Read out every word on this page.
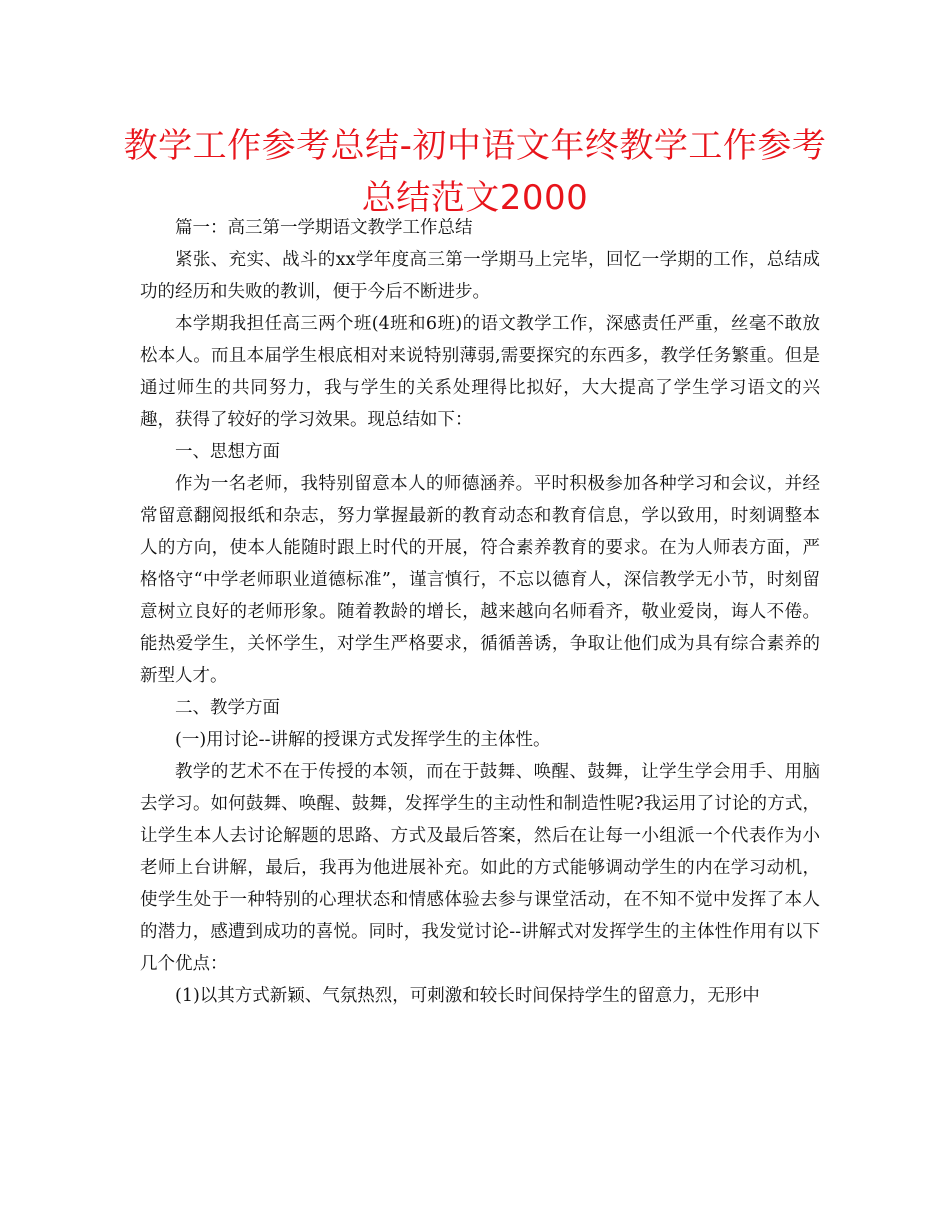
教学工作参考总结-初中语文年终教学工作参考总结范文2000

篇一：高三第一学期语文教学工作总结

紧张、充实、战斗的xx学年度高三第一学期马上完毕，回忆一学期的工作，总结成功的经历和失败的教训，便于今后不断进步。

本学期我担任高三两个班(4班和6班)的语文教学工作，深感责任严重，丝毫不敢放松本人。而且本届学生根底相对来说特别薄弱,需要探究的东西多，教学任务繁重。但是通过师生的共同努力，我与学生的关系处理得比拟好，大大提高了学生学习语文的兴趣，获得了较好的学习效果。现总结如下：

一、思想方面

作为一名老师，我特别留意本人的师德涵养。平时积极参加各种学习和会议，并经常留意翻阅报纸和杂志，努力掌握最新的教育动态和教育信息，学以致用，时刻调整本人的方向，使本人能随时跟上时代的开展，符合素养教育的要求。在为人师表方面，严格恪守“中学老师职业道德标准”，谨言慎行，不忘以德育人，深信教学无小节，时刻留意树立良好的老师形象。随着教龄的增长，越来越向名师看齐，敬业爱岗，诲人不倦。能热爱学生，关怀学生，对学生严格要求，循循善诱，争取让他们成为具有综合素养的新型人才。

二、教学方面

(一)用讨论--讲解的授课方式发挥学生的主体性。

教学的艺术不在于传授的本领，而在于鼓舞、唤醒、鼓舞，让学生学会用手、用脑去学习。如何鼓舞、唤醒、鼓舞，发挥学生的主动性和制造性呢?我运用了讨论的方式，让学生本人去讨论解题的思路、方式及最后答案，然后在让每一小组派一个代表作为小老师上台讲解，最后，我再为他进展补充。如此的方式能够调动学生的内在学习动机，使学生处于一种特别的心理状态和情感体验去参与课堂活动，在不知不觉中发挥了本人的潜力，感遭到成功的喜悦。同时，我发觉讨论--讲解式对发挥学生的主体性作用有以下几个优点：

(1)以其方式新颖、气氛热烈，可刺激和较长时间保持学生的留意力，无形中
